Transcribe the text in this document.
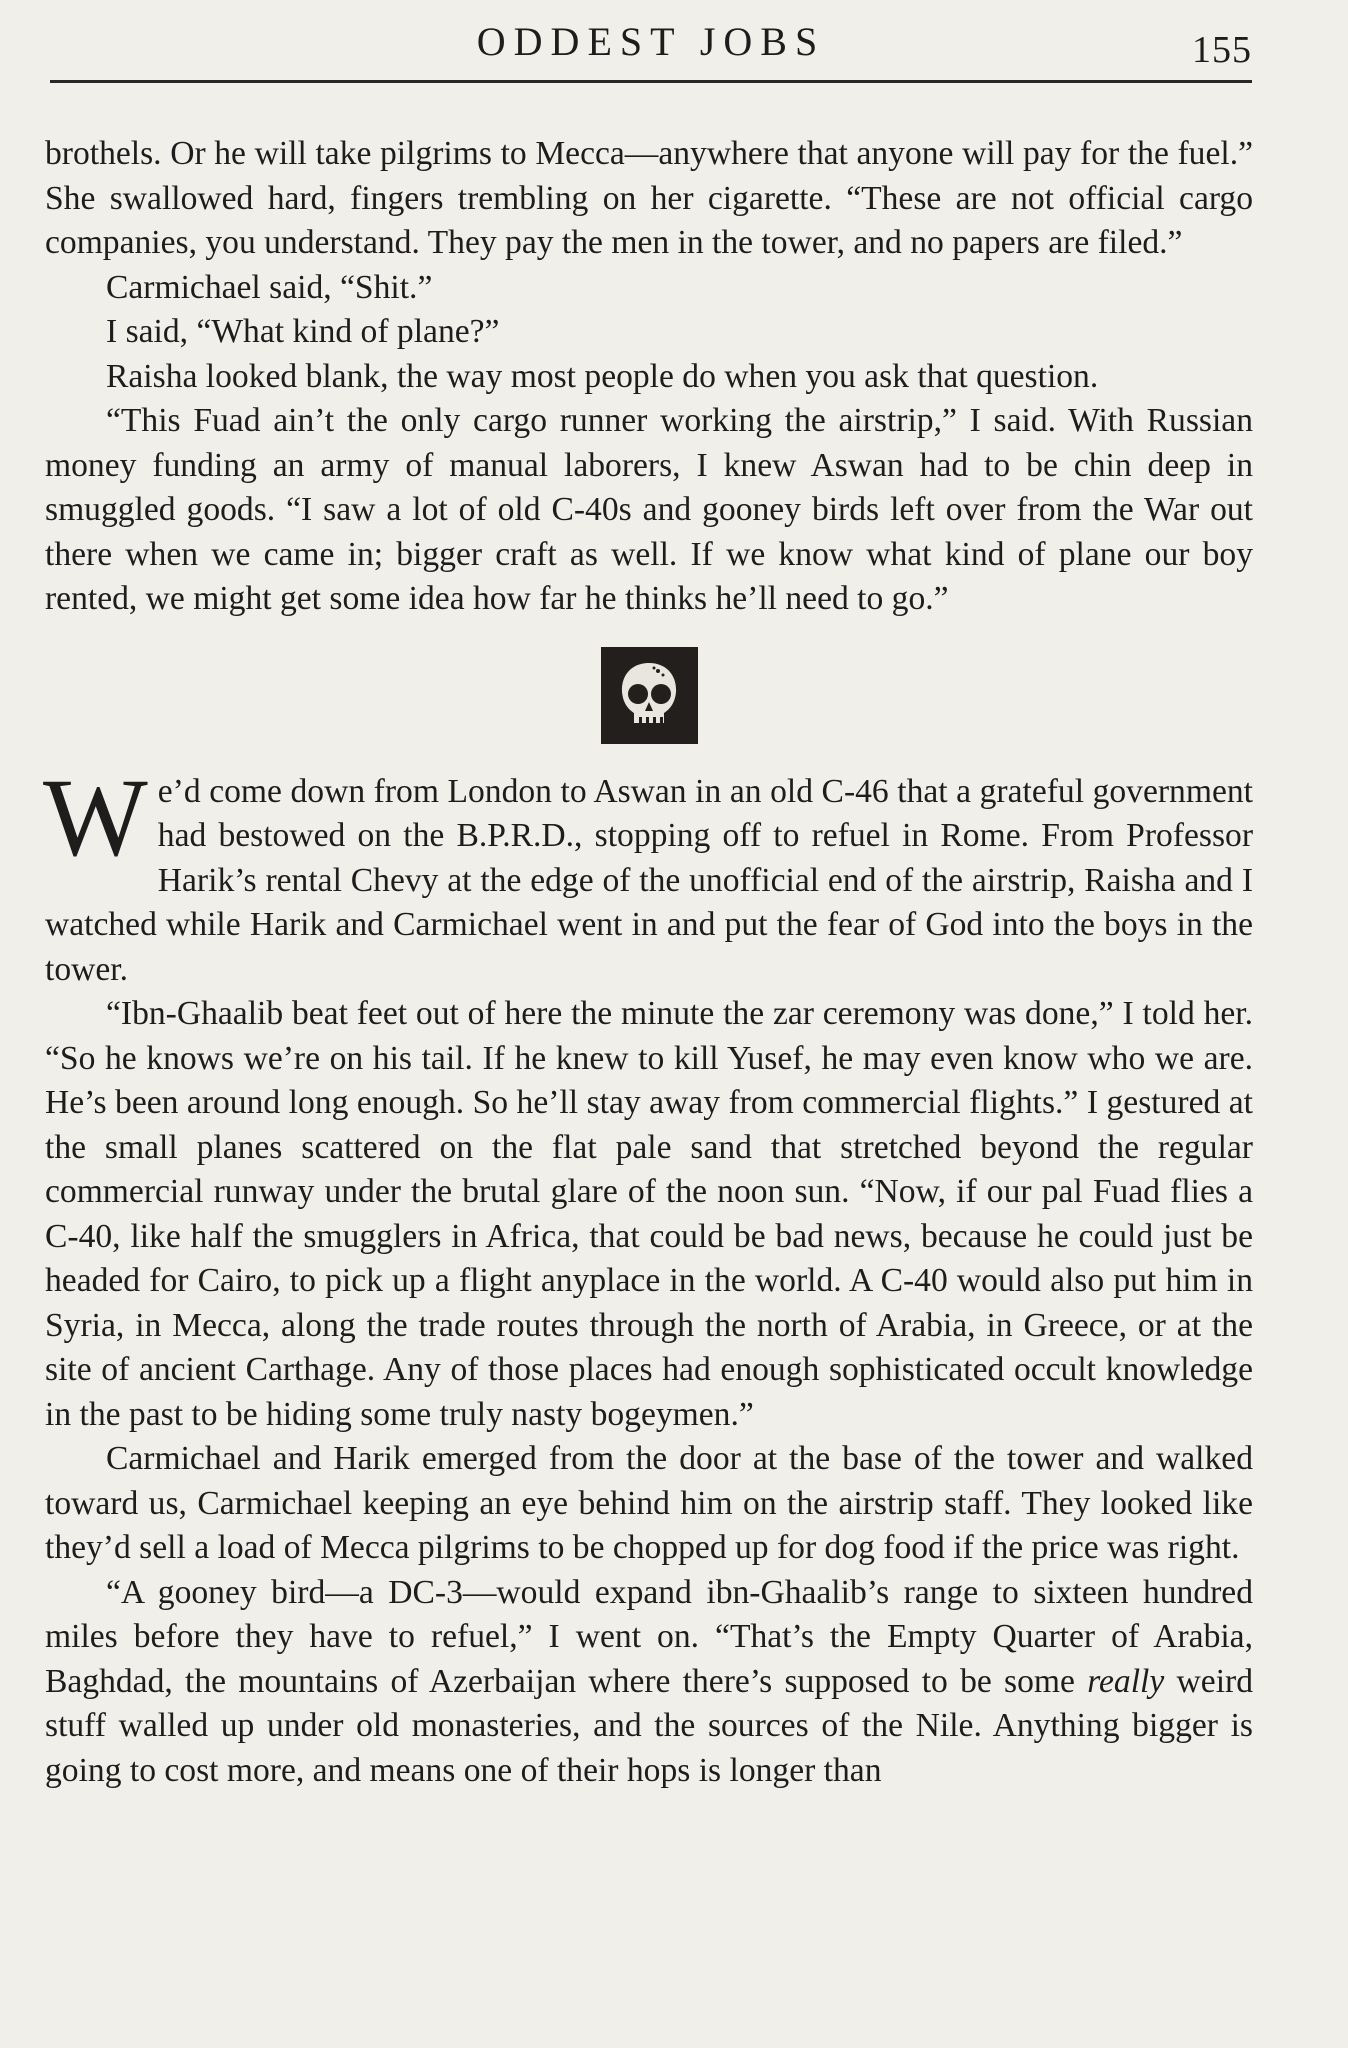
ODDEST JOBS	155

brothels. Or he will take pilgrims to Mecca—anywhere that anyone will pay for the fuel.” She swallowed hard, fingers trembling on her cigarette. “These are not official cargo companies, you understand. They pay the men in the tower, and no papers are filed.”

Carmichael said, “Shit.”

I said, “What kind of plane?”

Raisha looked blank, the way most people do when you ask that question.

“This Fuad ain’t the only cargo runner working the airstrip,” I said. With Russian money funding an army of manual laborers, I knew Aswan had to be chin deep in smuggled goods. “I saw a lot of old C-40s and gooney birds left over from the War out there when we came in; bigger craft as well. If we know what kind of plane our boy rented, we might get some idea how far he thinks he’ll need to go.”

We’d come down from London to Aswan in an old C-46 that a grateful government had bestowed on the B.P.R.D., stopping off to refuel in Rome. From Professor Harik’s rental Chevy at the edge of the unofficial end of the airstrip, Raisha and I watched while Harik and Carmichael went in and put the fear of God into the boys in the tower.

“Ibn-Ghaalib beat feet out of here the minute the zar ceremony was done,” I told her. “So he knows we’re on his tail. If he knew to kill Yusef, he may even know who we are. He’s been around long enough. So he’ll stay away from commercial flights.” I gestured at the small planes scattered on the flat pale sand that stretched beyond the regular commercial runway under the brutal glare of the noon sun. “Now, if our pal Fuad flies a C-40, like half the smugglers in Africa, that could be bad news, because he could just be headed for Cairo, to pick up a flight anyplace in the world. A C-40 would also put him in Syria, in Mecca, along the trade routes through the north of Arabia, in Greece, or at the site of ancient Carthage. Any of those places had enough sophisticated occult knowledge in the past to be hiding some truly nasty bogeymen.”

Carmichael and Harik emerged from the door at the base of the tower and walked toward us, Carmichael keeping an eye behind him on the airstrip staff. They looked like they’d sell a load of Mecca pilgrims to be chopped up for dog food if the price was right.

“A gooney bird—a DC-3—would expand ibn-Ghaalib’s range to sixteen hundred miles before they have to refuel,” I went on. “That’s the Empty Quarter of Arabia, Baghdad, the mountains of Azerbaijan where there’s supposed to be some really weird stuff walled up under old monasteries, and the sources of the Nile. Anything bigger is going to cost more, and means one of their hops is longer than
